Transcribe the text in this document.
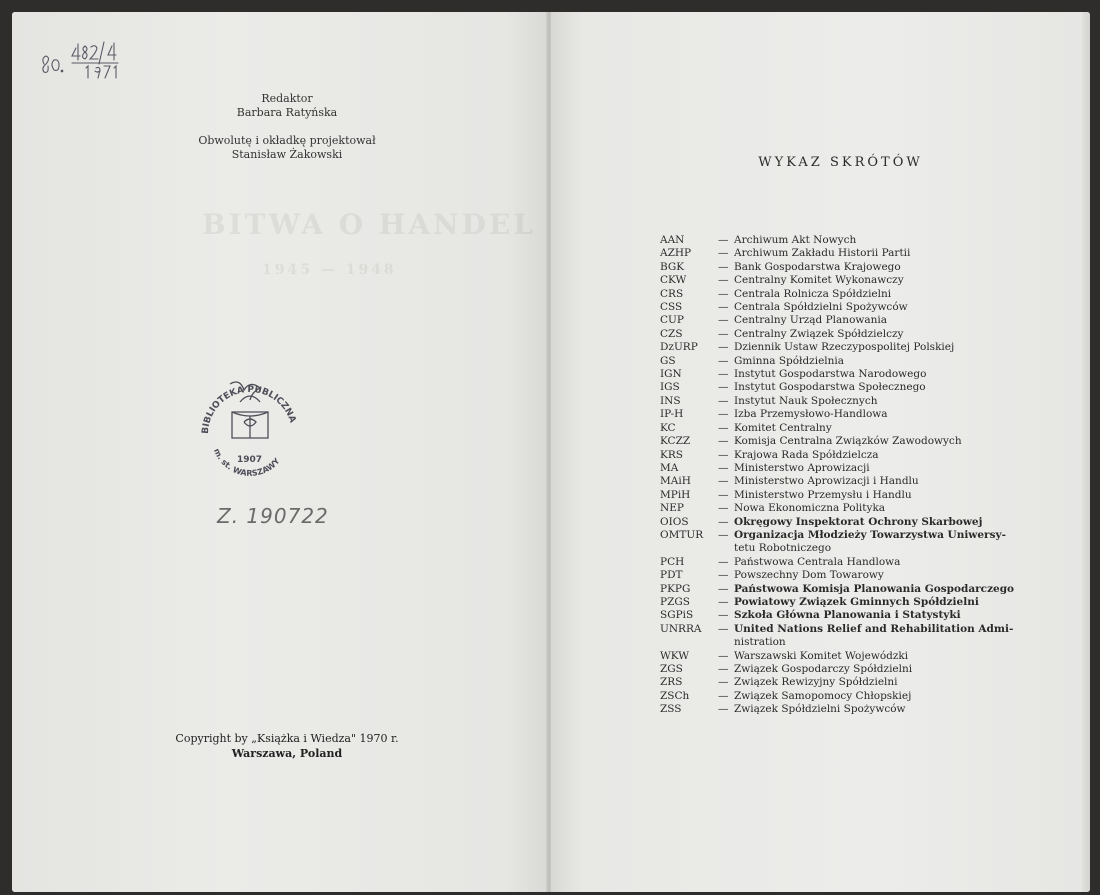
BITWA O HANDEL
1945 — 1948
Redaktor
Barbara Ratyńska
Obwolutę i okładkę projektował
Stanisław Żakowski
BIBLIOTEKA PUBLICZNA
m. st. WARSZAWY
1907
Z. 190722
Copyright by „Książka i Wiedza" 1970 r.
Warszawa, Poland
WYKAZ SKRÓTÓW
AAN	— Archiwum Akt Nowych
AZHP	— Archiwum Zakładu Historii Partii
BGK	— Bank Gospodarstwa Krajowego
CKW	— Centralny Komitet Wykonawczy
CRS	— Centrala Rolnicza Spółdzielni
CSS	— Centrala Spółdzielni Spożywców
CUP	— Centralny Urząd Planowania
CZS	— Centralny Związek Spółdzielczy
DzURP	— Dziennik Ustaw Rzeczypospolitej Polskiej
GS	— Gminna Spółdzielnia
IGN	— Instytut Gospodarstwa Narodowego
IGS	— Instytut Gospodarstwa Społecznego
INS	— Instytut Nauk Społecznych
IP-H	— Izba Przemysłowo-Handlowa
KC	— Komitet Centralny
KCZZ	— Komisja Centralna Związków Zawodowych
KRS	— Krajowa Rada Spółdzielcza
MA	— Ministerstwo Aprowizacji
MAiH	— Ministerstwo Aprowizacji i Handlu
MPiH	— Ministerstwo Przemysłu i Handlu
NEP	— Nowa Ekonomiczna Polityka
OIOS	— Okręgowy Inspektorat Ochrony Skarbowej
OMTUR	— Organizacja Młodzieży Towarzystwa Uniwersy-
tetu Robotniczego
PCH	— Państwowa Centrala Handlowa
PDT	— Powszechny Dom Towarowy
PKPG	— Państwowa Komisja Planowania Gospodarczego
PZGS	— Powiatowy Związek Gminnych Spółdzielni
SGPiS	— Szkoła Główna Planowania i Statystyki
UNRRA	— United Nations Relief and Rehabilitation Admi-
nistration
WKW	— Warszawski Komitet Wojewódzki
ZGS	— Związek Gospodarczy Spółdzielni
ZRS	— Związek Rewizyjny Spółdzielni
ZSCh	— Związek Samopomocy Chłopskiej
ZSS	— Związek Spółdzielni Spożywców
